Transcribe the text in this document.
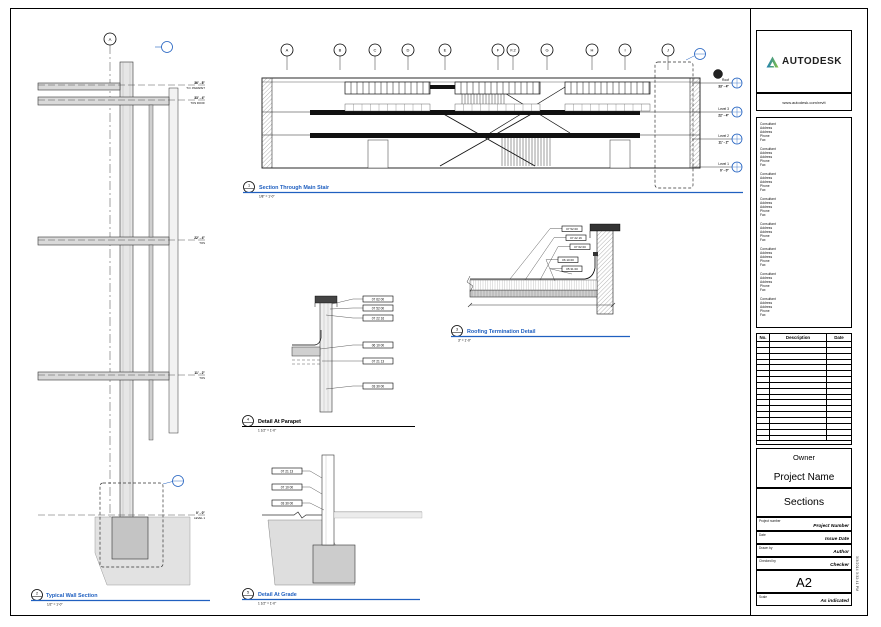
A
36' - 8"
T.O. PARAPET
33' - 4"
TOS ROOF
22' - 4"
TOS
11' - 2"
TOS
0' - 0"
LEVEL 1
2 Typical Wall Section
1/2" = 1'-0"
A	B	C	D	E	F	F.2	G	H	I	J
Roof
33' - 4"
Level 3
22' - 4"
Level 2
11' - 2"
Level 1
0' - 0"
1 Section Through Main Stair
1/8" = 1'-0"
07 52 00
07 22 16
07 62 00
06 10 00
05 31 00
3 Roofing Termination Detail
3" = 1'-0"
07 62 00
07 52 00
07 22 16
06 10 00
07 21 13
03 30 00
4 Detail At Parapet
1 1/2" = 1'-0"
07 21 13
07 10 00
03 30 00
5 Detail At Grade
1 1/2" = 1'-0"
AUTODESK
www.autodesk.com/revit
Consultant
Address
Address
Phone
Fax
Consultant
Address
Address
Phone
Fax
Consultant
Address
Address
Phone
Fax
Consultant
Address
Address
Phone
Fax
Consultant
Address
Address
Phone
Fax
Consultant
Address
Address
Phone
Fax
Consultant
Address
Address
Phone
Fax
Consultant
Address
Address
Phone
Fax
No.	Description	Date
Owner
Project Name
Sections
Project number
Project Number
Date
Issue Date
Drawn by
Author
Checked by
Checker
A2
Scale
As indicated
3/3/2014 3:32:41 PM
